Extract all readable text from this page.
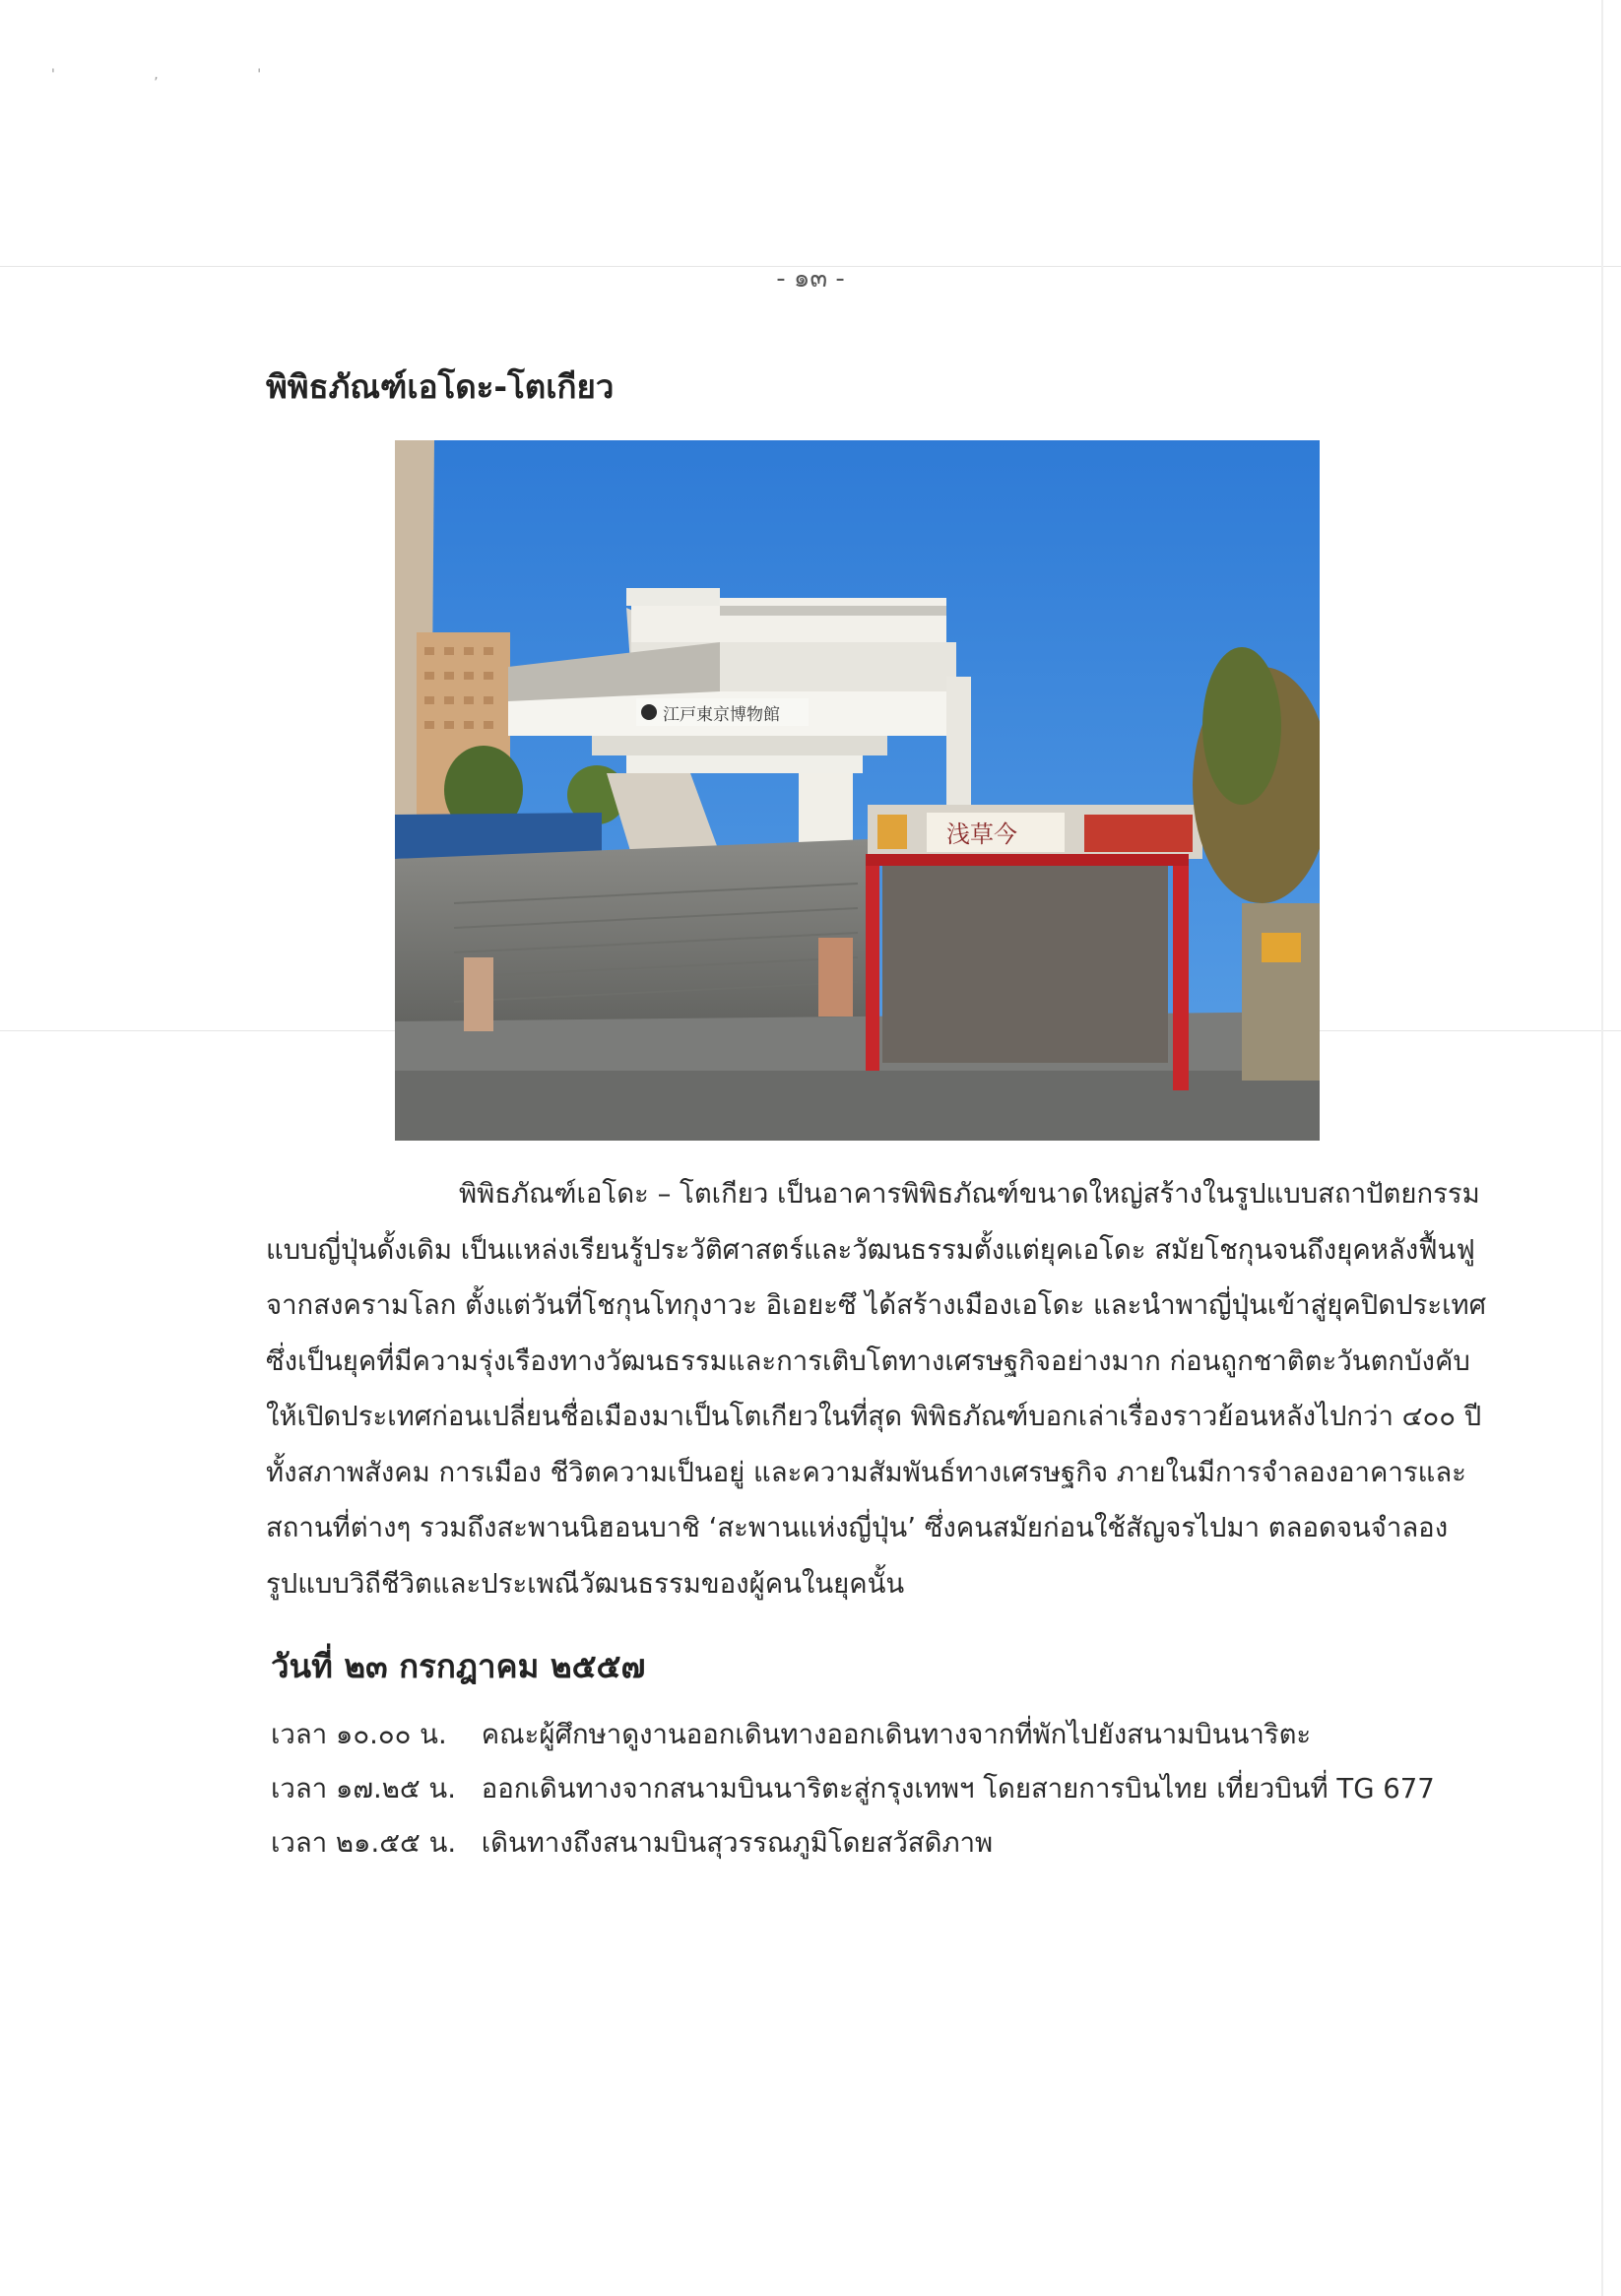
' , '
- ๑๓ -
พิพิธภัณฑ์เอโดะ-โตเกียว
江戸東京博物館
浅草今
พิพิธภัณฑ์เอโดะ – โตเกียว เป็นอาคารพิพิธภัณฑ์ขนาดใหญ่สร้างในรูปแบบสถาปัตยกรรม
แบบญี่ปุ่นดั้งเดิม เป็นแหล่งเรียนรู้ประวัติศาสตร์และวัฒนธรรมตั้งแต่ยุคเอโดะ สมัยโชกุนจนถึงยุคหลังฟื้นฟู
จากสงครามโลก ตั้งแต่วันที่โชกุนโทกุงาวะ อิเอยะซึ ได้สร้างเมืองเอโดะ และนำพาญี่ปุ่นเข้าสู่ยุคปิดประเทศ
ซึ่งเป็นยุคที่มีความรุ่งเรืองทางวัฒนธรรมและการเติบโตทางเศรษฐกิจอย่างมาก ก่อนถูกชาติตะวันตกบังคับ
ให้เปิดประเทศก่อนเปลี่ยนชื่อเมืองมาเป็นโตเกียวในที่สุด พิพิธภัณฑ์บอกเล่าเรื่องราวย้อนหลังไปกว่า ๔๐๐ ปี
ทั้งสภาพสังคม การเมือง ชีวิตความเป็นอยู่ และความสัมพันธ์ทางเศรษฐกิจ ภายในมีการจำลองอาคารและ
สถานที่ต่างๆ รวมถึงสะพานนิฮอนบาชิ ‘สะพานแห่งญี่ปุ่น’ ซึ่งคนสมัยก่อนใช้สัญจรไปมา ตลอดจนจำลอง
รูปแบบวิถีชีวิตและประเพณีวัฒนธรรมของผู้คนในยุคนั้น
วันที่ ๒๓ กรกฎาคม ๒๕๕๗
เวลา ๑๐.๐๐ น. คณะผู้ศึกษาดูงานออกเดินทางออกเดินทางจากที่พักไปยังสนามบินนาริตะ
เวลา ๑๗.๒๕ น. ออกเดินทางจากสนามบินนาริตะสู่กรุงเทพฯ โดยสายการบินไทย เที่ยวบินที่ TG 677
เวลา ๒๑.๕๕ น. เดินทางถึงสนามบินสุวรรณภูมิโดยสวัสดิภาพ
